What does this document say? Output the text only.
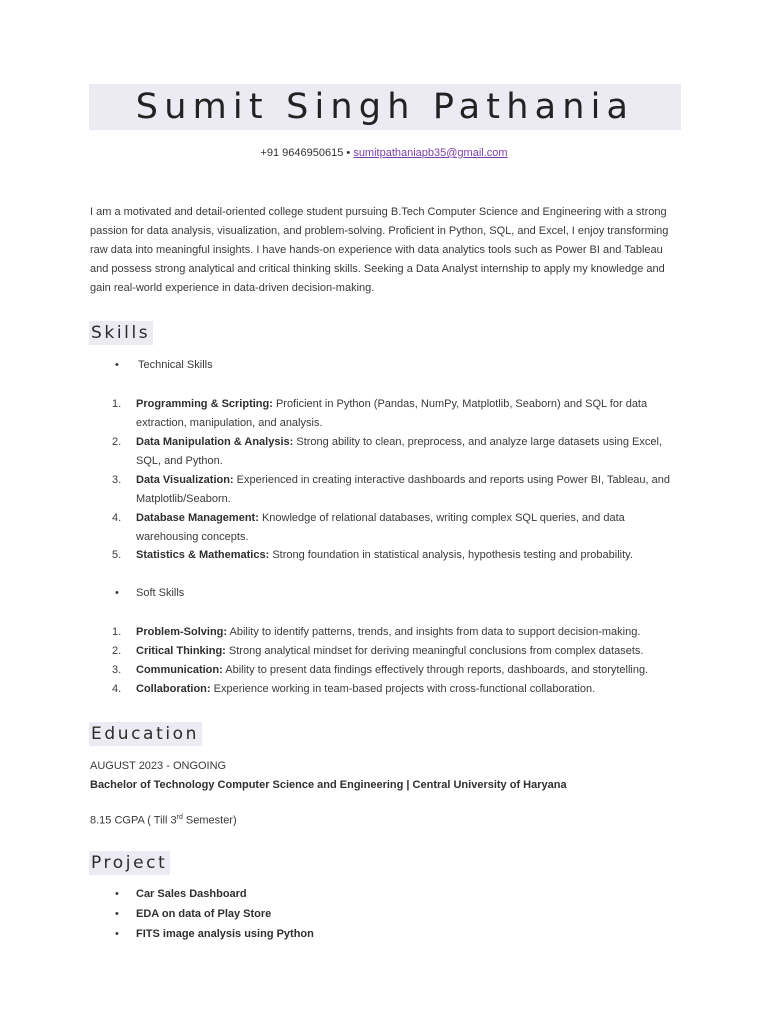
Sumit Singh Pathania
+91 9646950615 • sumitpathaniapb35@gmail.com
I am a motivated and detail-oriented college student pursuing B.Tech Computer Science and Engineering with a strong passion for data analysis, visualization, and problem-solving. Proficient in Python, SQL, and Excel, I enjoy transforming raw data into meaningful insights. I have hands-on experience with data analytics tools such as Power BI and Tableau and possess strong analytical and critical thinking skills. Seeking a Data Analyst internship to apply my knowledge and gain real-world experience in data-driven decision-making.
Skills
• Technical Skills
1. Programming & Scripting: Proficient in Python (Pandas, NumPy, Matplotlib, Seaborn) and SQL for data extraction, manipulation, and analysis.
2. Data Manipulation & Analysis: Strong ability to clean, preprocess, and analyze large datasets using Excel, SQL, and Python.
3. Data Visualization: Experienced in creating interactive dashboards and reports using Power BI, Tableau, and Matplotlib/Seaborn.
4. Database Management: Knowledge of relational databases, writing complex SQL queries, and data warehousing concepts.
5. Statistics & Mathematics: Strong foundation in statistical analysis, hypothesis testing and probability.
• Soft Skills
1. Problem-Solving: Ability to identify patterns, trends, and insights from data to support decision-making.
2. Critical Thinking: Strong analytical mindset for deriving meaningful conclusions from complex datasets.
3. Communication: Ability to present data findings effectively through reports, dashboards, and storytelling.
4. Collaboration: Experience working in team-based projects with cross-functional collaboration.
Education
AUGUST 2023 - ONGOING
Bachelor of Technology Computer Science and Engineering | Central University of Haryana
8.15 CGPA ( Till 3rd Semester)
Project
• Car Sales Dashboard
• EDA on data of Play Store
• FITS image analysis using Python
